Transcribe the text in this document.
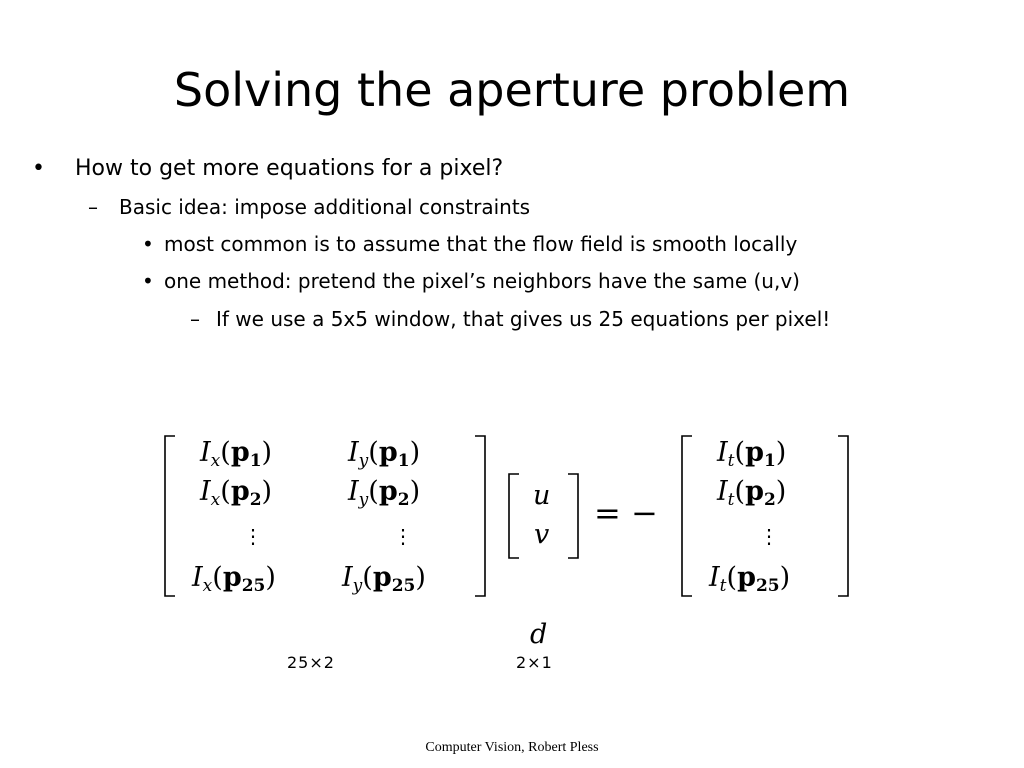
Solving the aperture problem
• How to get more equations for a pixel?
– Basic idea: impose additional constraints
• most common is to assume that the flow field is smooth locally
• one method: pretend the pixel’s neighbors have the same (u,v)
– If we use a 5x5 window, that gives us 25 equations per pixel!
$I_x(p_1)$
$I_x(p_2)$
⋮
$I_x(p_{25})$
$I_y(p_1)$
$I_y(p_2)$
⋮
$I_y(p_{25})$
u
v
= −
$I_t(p_1)$
$I_t(p_2)$
⋮
$I_t(p_{25})$
d
25×2	2×1
Computer Vision, Robert Pless
